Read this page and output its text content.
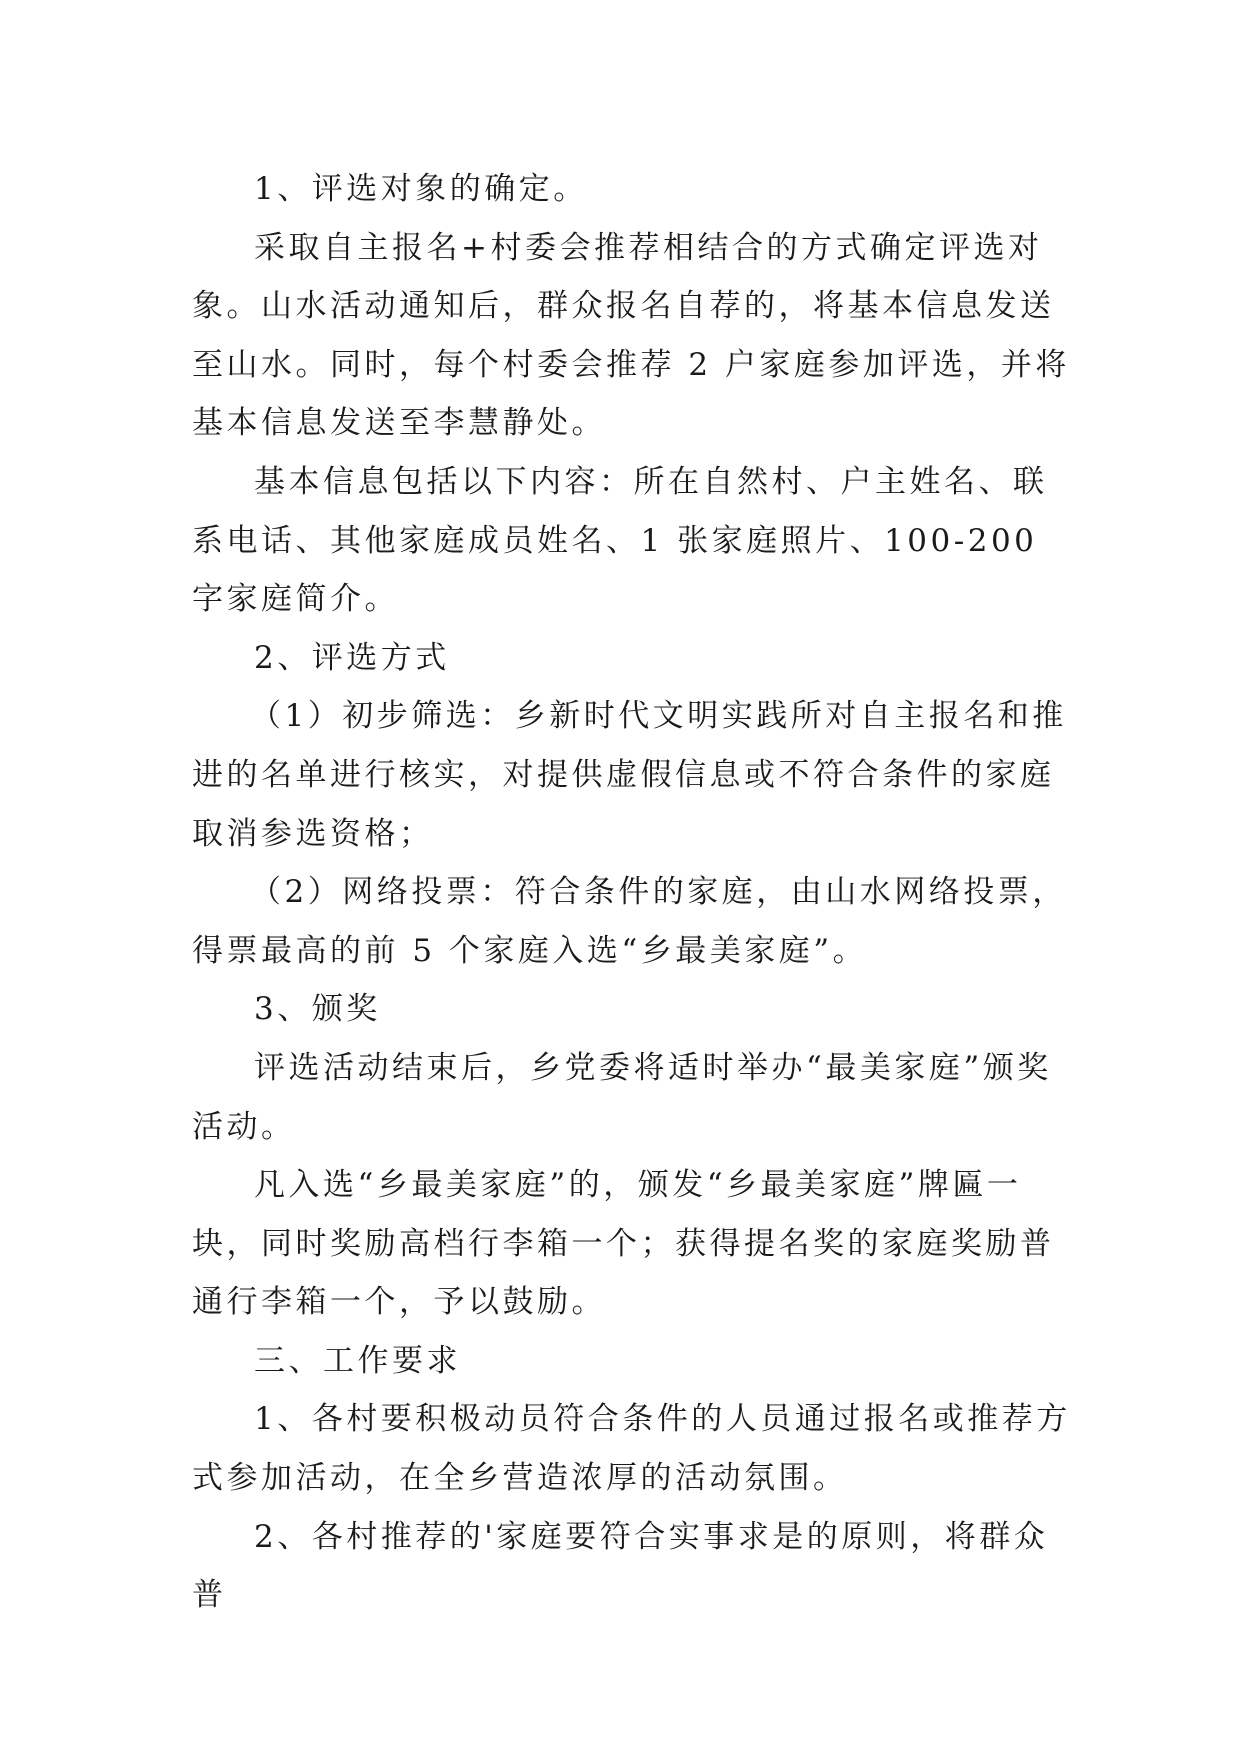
1、评选对象的确定。

采取自主报名+村委会推荐相结合的方式确定评选对象。山水活动通知后，群众报名自荐的，将基本信息发送至山水。同时，每个村委会推荐 2 户家庭参加评选，并将基本信息发送至李慧静处。

基本信息包括以下内容：所在自然村、户主姓名、联系电话、其他家庭成员姓名、1 张家庭照片、100-200 字家庭简介。

2、评选方式

（1）初步筛选：乡新时代文明实践所对自主报名和推进的名单进行核实，对提供虚假信息或不符合条件的家庭取消参选资格；

（2）网络投票：符合条件的家庭，由山水网络投票，得票最高的前 5 个家庭入选“乡最美家庭”。

3、颁奖

评选活动结束后，乡党委将适时举办“最美家庭”颁奖活动。

凡入选“乡最美家庭”的，颁发“乡最美家庭”牌匾一块，同时奖励高档行李箱一个；获得提名奖的家庭奖励普通行李箱一个，予以鼓励。

三、工作要求

1、各村要积极动员符合条件的人员通过报名或推荐方式参加活动，在全乡营造浓厚的活动氛围。

2、各村推荐的'家庭要符合实事求是的原则，将群众普
